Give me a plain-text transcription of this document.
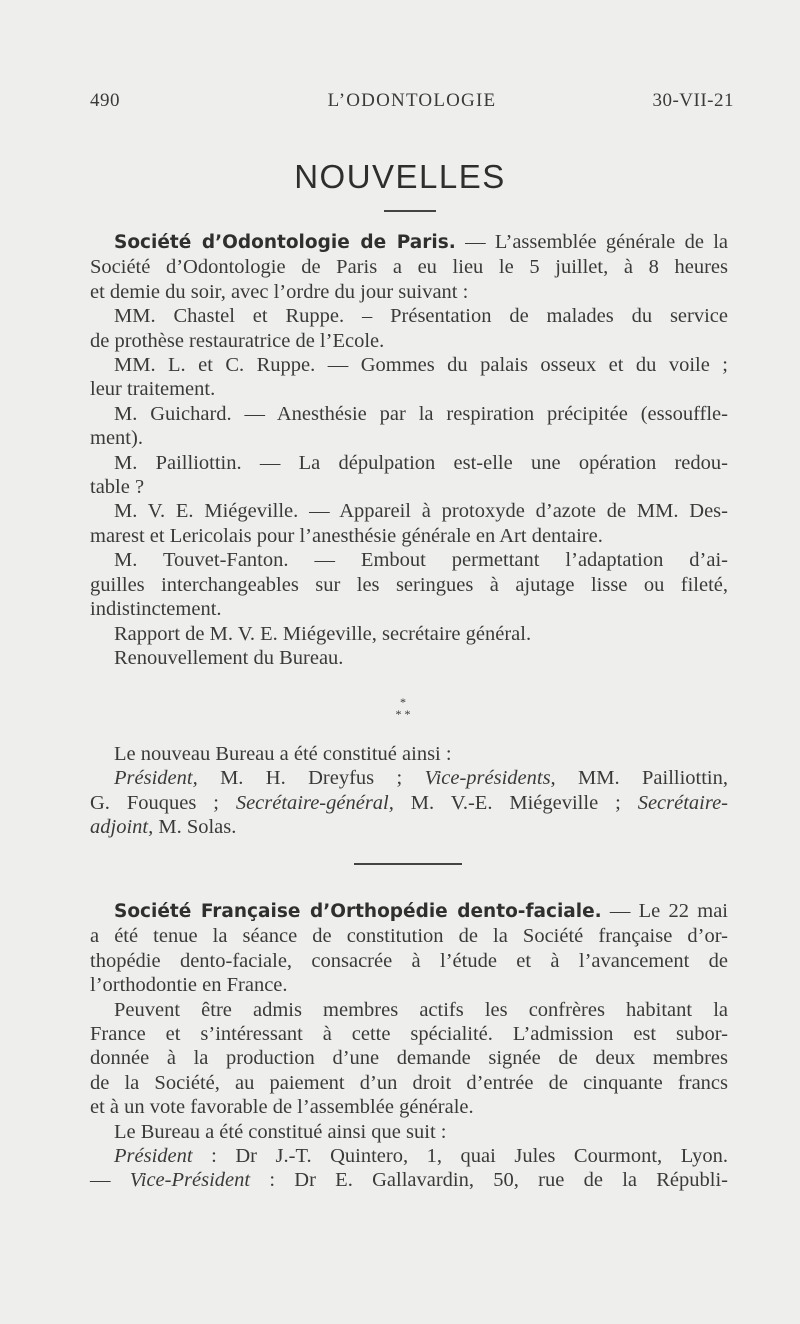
490	L’ODONTOLOGIE	30-VII-21
NOUVELLES

Société d’Odontologie de Paris. — L’assemblée générale de la

Société d’Odontologie de Paris a eu lieu le 5 juillet, à 8 heures

et demie du soir, avec l’ordre du jour suivant :

MM. Chastel et Ruppe. – Présentation de malades du service

de prothèse restauratrice de l’Ecole.

MM. L. et C. Ruppe. — Gommes du palais osseux et du voile ;

leur traitement.

M. Guichard. — Anesthésie par la respiration précipitée (essouffle-

ment).

M. Pailliottin. — La dépulpation est-elle une opération redou-

table ?

M. V. E. Miégeville. — Appareil à protoxyde d’azote de MM. Des-

marest et Lericolais pour l’anesthésie générale en Art dentaire.

M. Touvet-Fanton. — Embout permettant l’adaptation d’ai-

guilles interchangeables sur les seringues à ajutage lisse ou fileté,

indistinctement.

Rapport de M. V. E. Miégeville, secrétaire général.

Renouvellement du Bureau.

*
* *

Le nouveau Bureau a été constitué ainsi :

Président, M. H. Dreyfus ; Vice-présidents, MM. Pailliottin,

G. Fouques ; Secrétaire-général, M. V.-E. Miégeville ; Secrétaire-

adjoint, M. Solas.

Société Française d’Orthopédie dento-faciale. — Le 22 mai

a été tenue la séance de constitution de la Société française d’or-

thopédie dento-faciale, consacrée à l’étude et à l’avancement de

l’orthodontie en France.

Peuvent être admis membres actifs les confrères habitant la

France et s’intéressant à cette spécialité. L’admission est subor-

donnée à la production d’une demande signée de deux membres

de la Société, au paiement d’un droit d’entrée de cinquante francs

et à un vote favorable de l’assemblée générale.

Le Bureau a été constitué ainsi que suit :

Président : Dr J.-T. Quintero, 1, quai Jules Courmont, Lyon.

— Vice-Président : Dr E. Gallavardin, 50, rue de la Républi-
